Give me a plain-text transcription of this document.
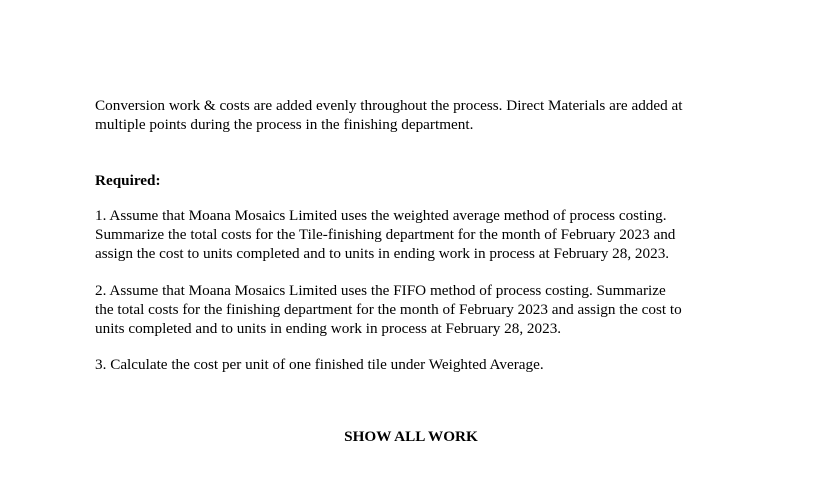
Conversion work & costs are added evenly throughout the process. Direct Materials are added at
multiple points during the process in the finishing department.

Required:

1. Assume that Moana Mosaics Limited uses the weighted average method of process costing.
Summarize the total costs for the Tile-finishing department for the month of February 2023 and
assign the cost to units completed and to units in ending work in process at February 28, 2023.

2. Assume that Moana Mosaics Limited uses the FIFO method of process costing. Summarize
the total costs for the finishing department for the month of February 2023 and assign the cost to
units completed and to units in ending work in process at February 28, 2023.

3. Calculate the cost per unit of one finished tile under Weighted Average.

SHOW ALL WORK
